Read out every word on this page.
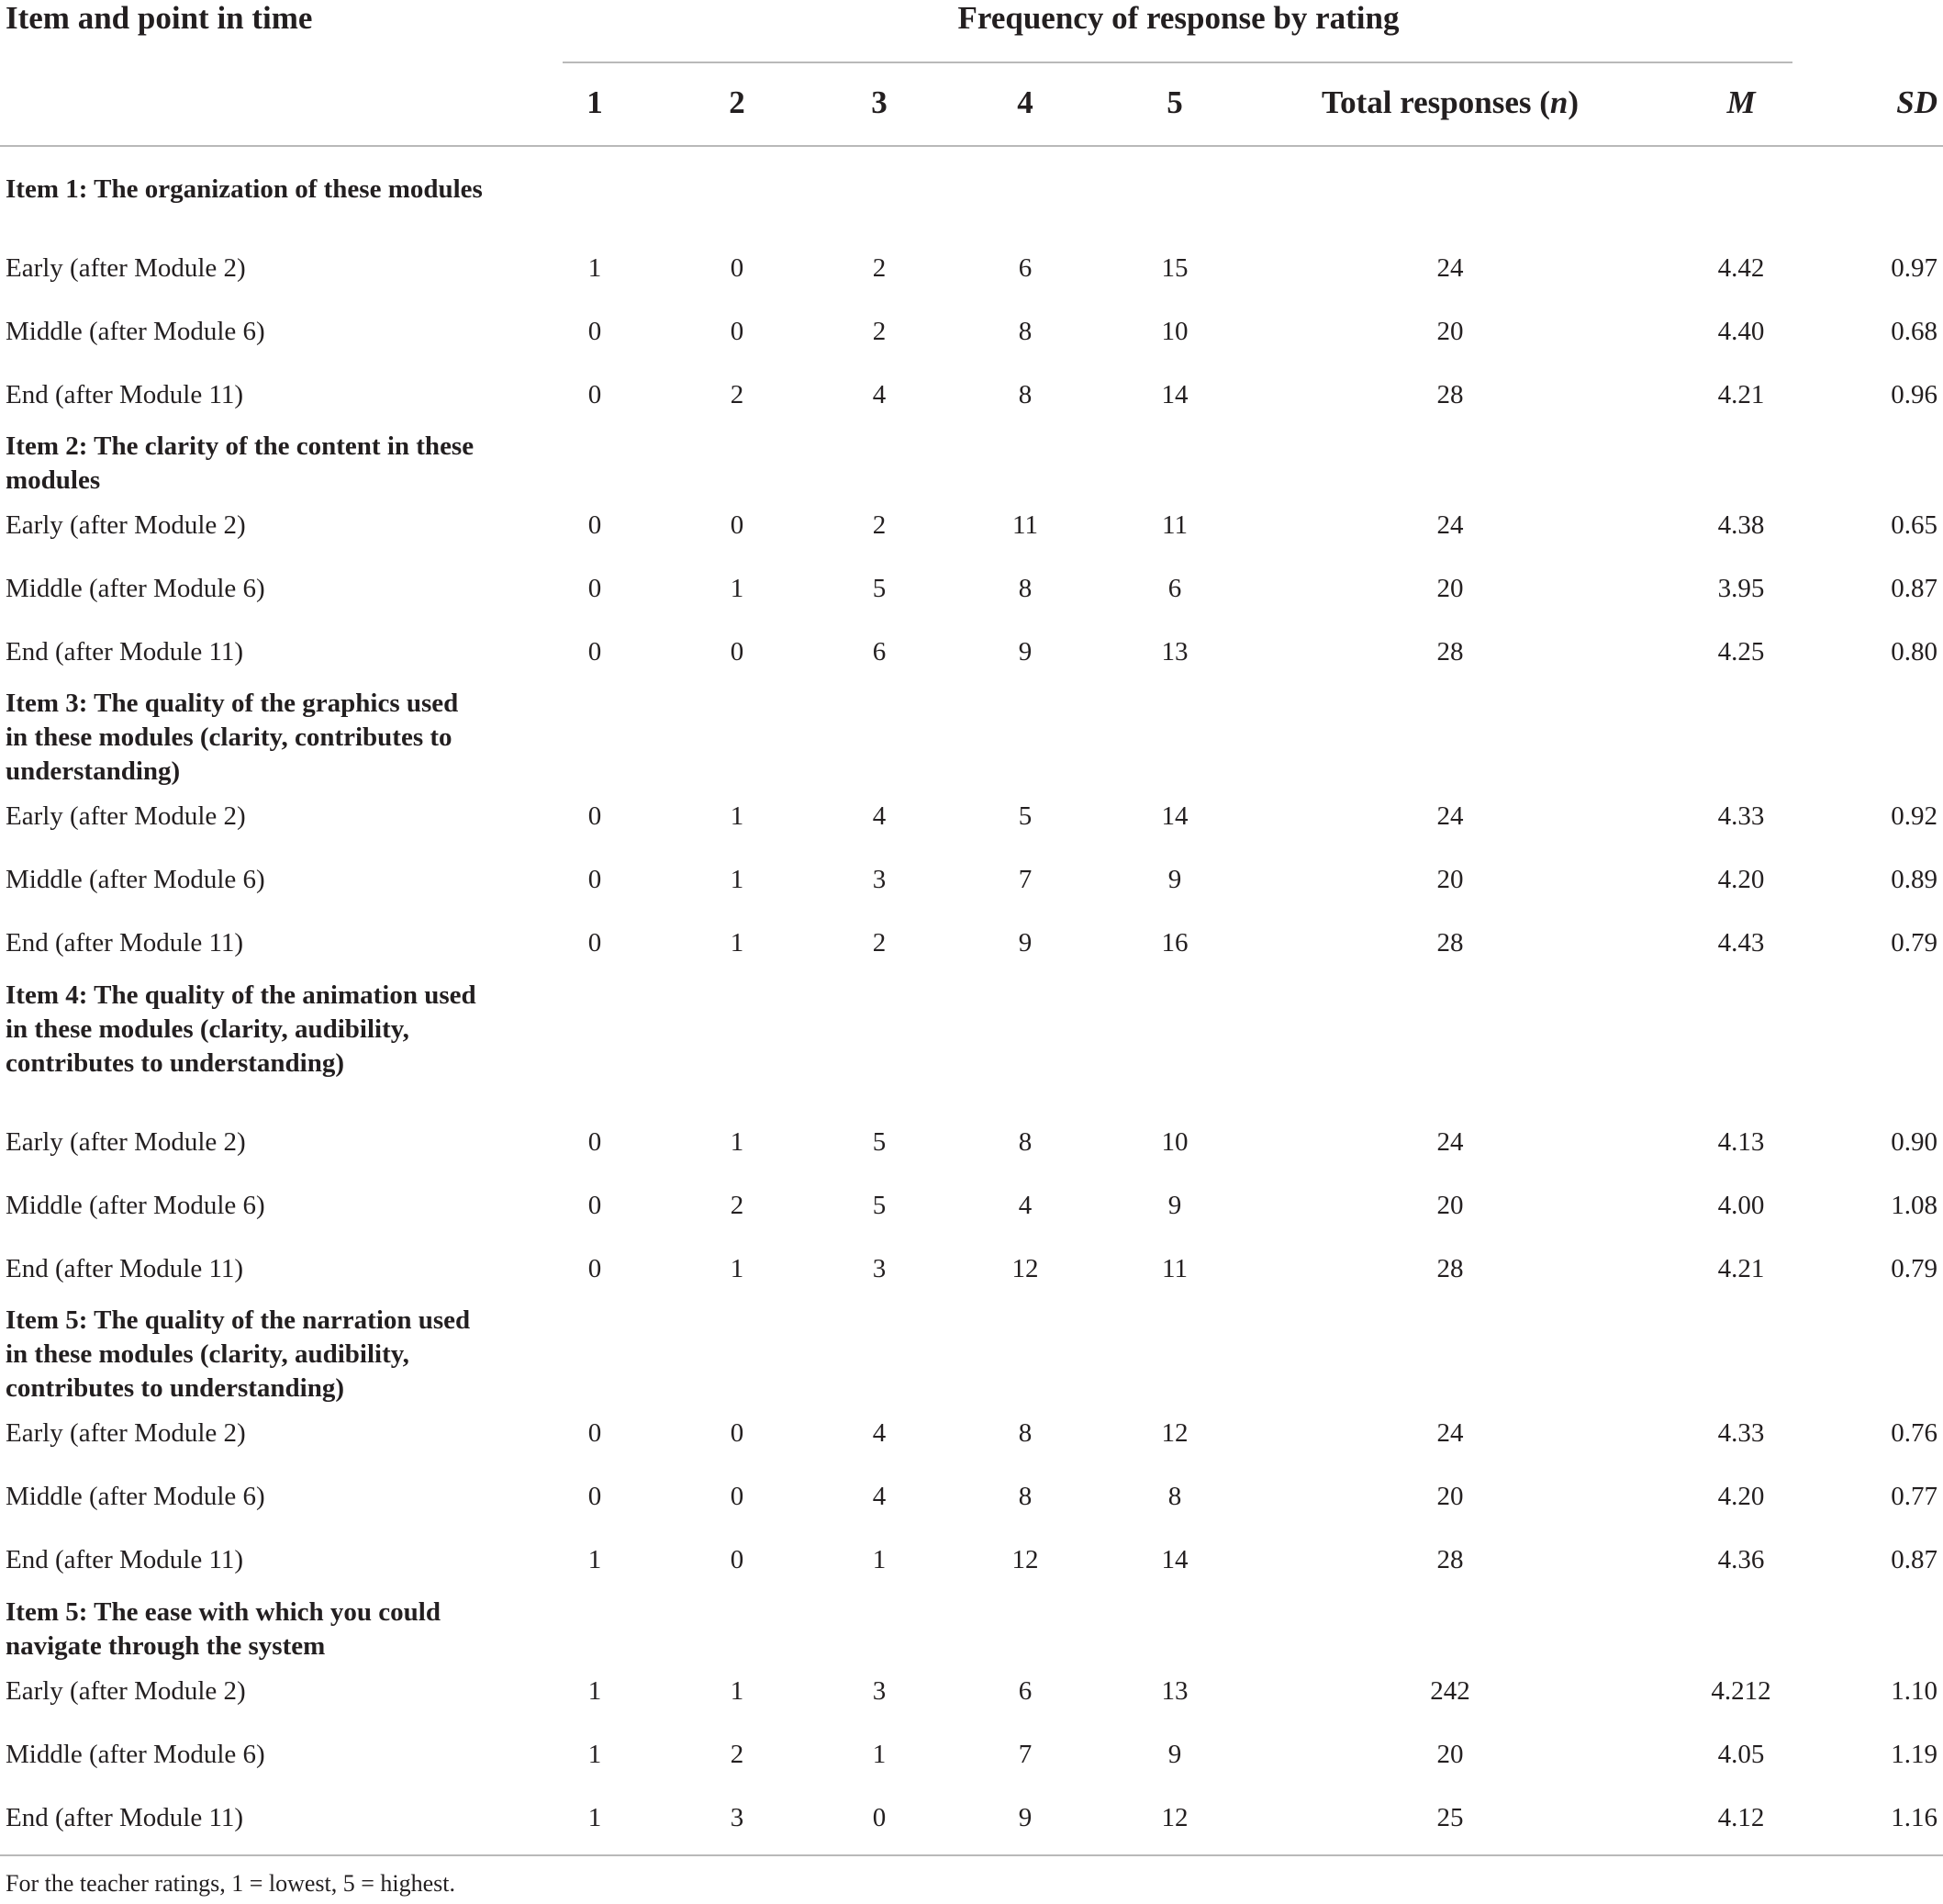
Item and point in time	Frequency of response by rating
1	2	3	4	5	Total responses (n)	M	SD
Item 1: The organization of these modules
Early (after Module 2)	1	0	2	6	15	24	4.42	0.97
Middle (after Module 6)	0	0	2	8	10	20	4.40	0.68
End (after Module 11)	0	2	4	8	14	28	4.21	0.96
Item 2: The clarity of the content in these modules
Early (after Module 2)	0	0	2	11	11	24	4.38	0.65
Middle (after Module 6)	0	1	5	8	6	20	3.95	0.87
End (after Module 11)	0	0	6	9	13	28	4.25	0.80
Item 3: The quality of the graphics used in these modules (clarity, contributes to understanding)
Early (after Module 2)	0	1	4	5	14	24	4.33	0.92
Middle (after Module 6)	0	1	3	7	9	20	4.20	0.89
End (after Module 11)	0	1	2	9	16	28	4.43	0.79
Item 4: The quality of the animation used in these modules (clarity, audibility, contributes to understanding)
Early (after Module 2)	0	1	5	8	10	24	4.13	0.90
Middle (after Module 6)	0	2	5	4	9	20	4.00	1.08
End (after Module 11)	0	1	3	12	11	28	4.21	0.79
Item 5: The quality of the narration used in these modules (clarity, audibility, contributes to understanding)
Early (after Module 2)	0	0	4	8	12	24	4.33	0.76
Middle (after Module 6)	0	0	4	8	8	20	4.20	0.77
End (after Module 11)	1	0	1	12	14	28	4.36	0.87
Item 5: The ease with which you could navigate through the system
Early (after Module 2)	1	1	3	6	13	242	4.212	1.10
Middle (after Module 6)	1	2	1	7	9	20	4.05	1.19
End (after Module 11)	1	3	0	9	12	25	4.12	1.16
For the teacher ratings, 1 = lowest, 5 = highest.
